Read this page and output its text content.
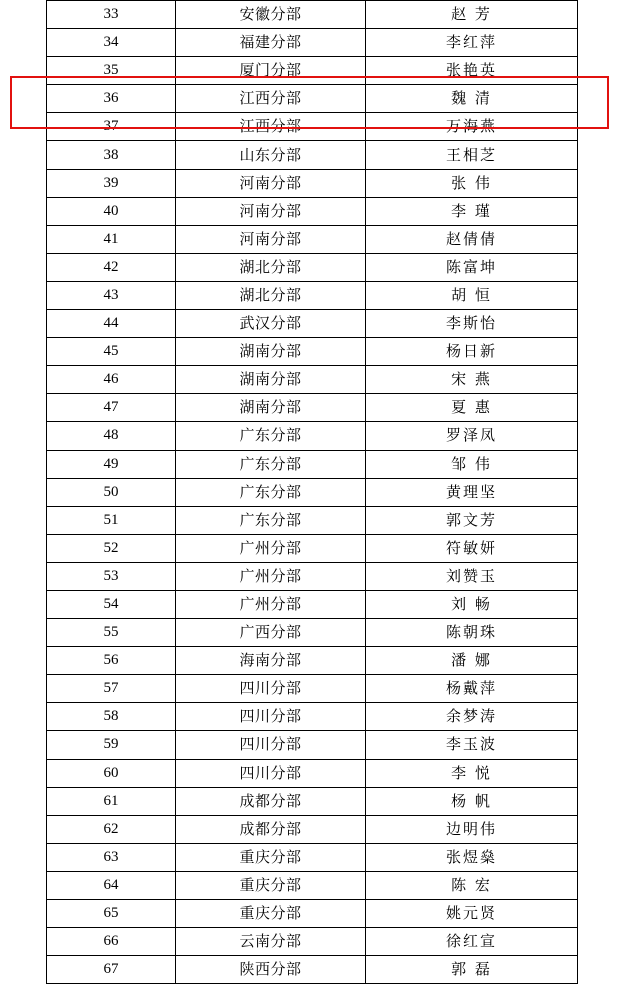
33	安徽分部	赵 芳
34	福建分部	李红萍
35	厦门分部	张艳英
36	江西分部	魏 清
37	江西分部	万海燕
38	山东分部	王相芝
39	河南分部	张 伟
40	河南分部	李 瑾
41	河南分部	赵倩倩
42	湖北分部	陈富坤
43	湖北分部	胡 恒
44	武汉分部	李斯怡
45	湖南分部	杨日新
46	湖南分部	宋 燕
47	湖南分部	夏 惠
48	广东分部	罗泽凤
49	广东分部	邹 伟
50	广东分部	黄理坚
51	广东分部	郭文芳
52	广州分部	符敏妍
53	广州分部	刘赞玉
54	广州分部	刘 畅
55	广西分部	陈朝珠
56	海南分部	潘 娜
57	四川分部	杨戴萍
58	四川分部	余梦涛
59	四川分部	李玉波
60	四川分部	李 悦
61	成都分部	杨 帆
62	成都分部	边明伟
63	重庆分部	张煜燊
64	重庆分部	陈 宏
65	重庆分部	姚元贤
66	云南分部	徐红宣
67	陕西分部	郭 磊
